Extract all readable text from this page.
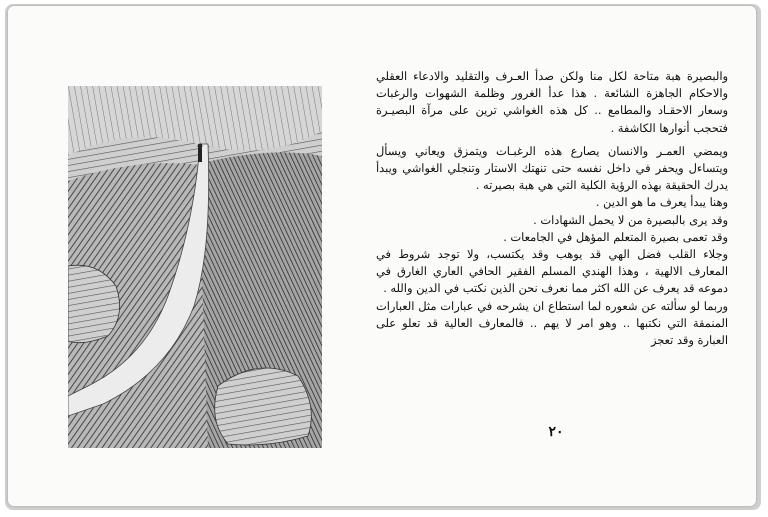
والبصيرة هبة متاحة لكل منا ولكن صدأ العـرف والتقليد والادعاء العقلي والاحكام الجاهزة الشائعة . هذا عدأ الغرور وظلمة الشهوات والرغبات وسعار الاحقـاد والمطامع .. كل هذه الغواشي ترين على مرآة البصيـرة فتحجب أنوارها الكاشفة .

ويمضي العمـر والانسان يصارع هذه الرغبـات ويتمزق ويعاني ويسأل ويتساءل ويحفر في داخل نفسه حتى تنهتك الاستار وتنجلي الغواشي ويبدأ يدرك الحقيقة بهذه الرؤية الكلية التي هي هبة بصيرته .

وهنا يبدأ يعرف ما هو الدين .

وقد يرى بالبصيرة من لا يحمل الشهادات .

وقد تعمى بصيرة المتعلم المؤهل في الجامعات .

وجلاء القلب فضل الهي قد يوهب وقد يكتسب، ولا توجد شروط في المعارف الالهية ، وهذا الهندي المسلم الفقير الحافي العاري الغارق في دموعه قد يعرف عن الله اكثر مما نعرف نحن الذين نكتب في الدين والله .

وربما لو سألته عن شعوره لما استطاع ان يشرحه في عبارات مثل العبارات المنمقة التي نكتبها .. وهو امر لا يهم .. فالمعارف العالية قد تعلو على العبارة وقد تعجز

٢٠
